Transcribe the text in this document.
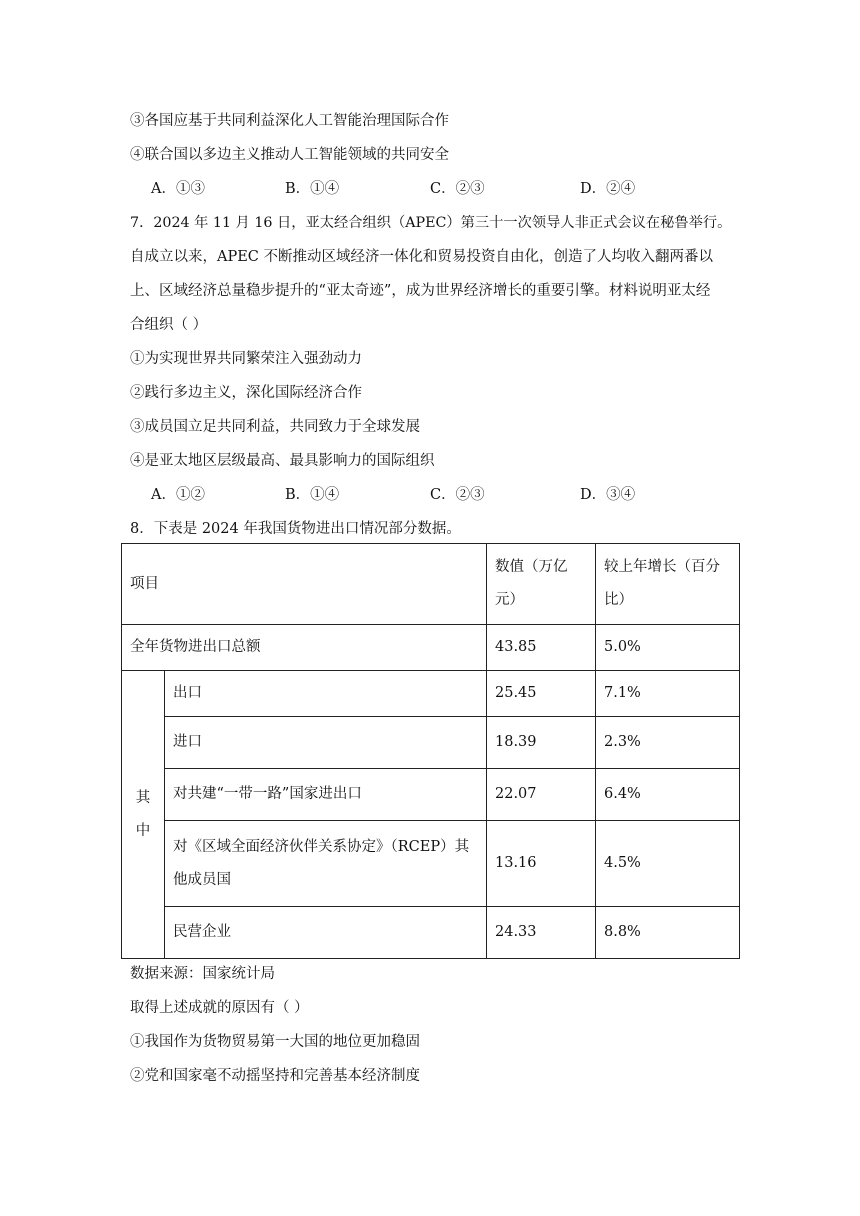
③各国应基于共同利益深化人工智能治理国际合作
④联合国以多边主义推动人工智能领域的共同安全
A．①③	B．①④	C．②③	D．②④
7．2024 年 11 月 16 日，亚太经合组织（APEC）第三十一次领导人非正式会议在秘鲁举行。
自成立以来，APEC 不断推动区域经济一体化和贸易投资自由化，创造了人均收入翻两番以
上、区域经济总量稳步提升的“亚太奇迹”，成为世界经济增长的重要引擎。材料说明亚太经
合组织（ ）
①为实现世界共同繁荣注入强劲动力
②践行多边主义，深化国际经济合作
③成员国立足共同利益，共同致力于全球发展
④是亚太地区层级最高、最具影响力的国际组织
A．①②	B．①④	C．②③	D．③④
8．下表是 2024 年我国货物进出口情况部分数据。
项目		数值（万亿元）	较上年增长（百分比）
全年货物进出口总额		43.85	5.0%
其中	出口	25.45	7.1%
	进口	18.39	2.3%
	对共建“一带一路”国家进出口	22.07	6.4%
	对《区域全面经济伙伴关系协定》（RCEP）其他成员国	13.16	4.5%
	民营企业	24.33	8.8%
数据来源：国家统计局
取得上述成就的原因有（ ）
①我国作为货物贸易第一大国的地位更加稳固
②党和国家毫不动摇坚持和完善基本经济制度
